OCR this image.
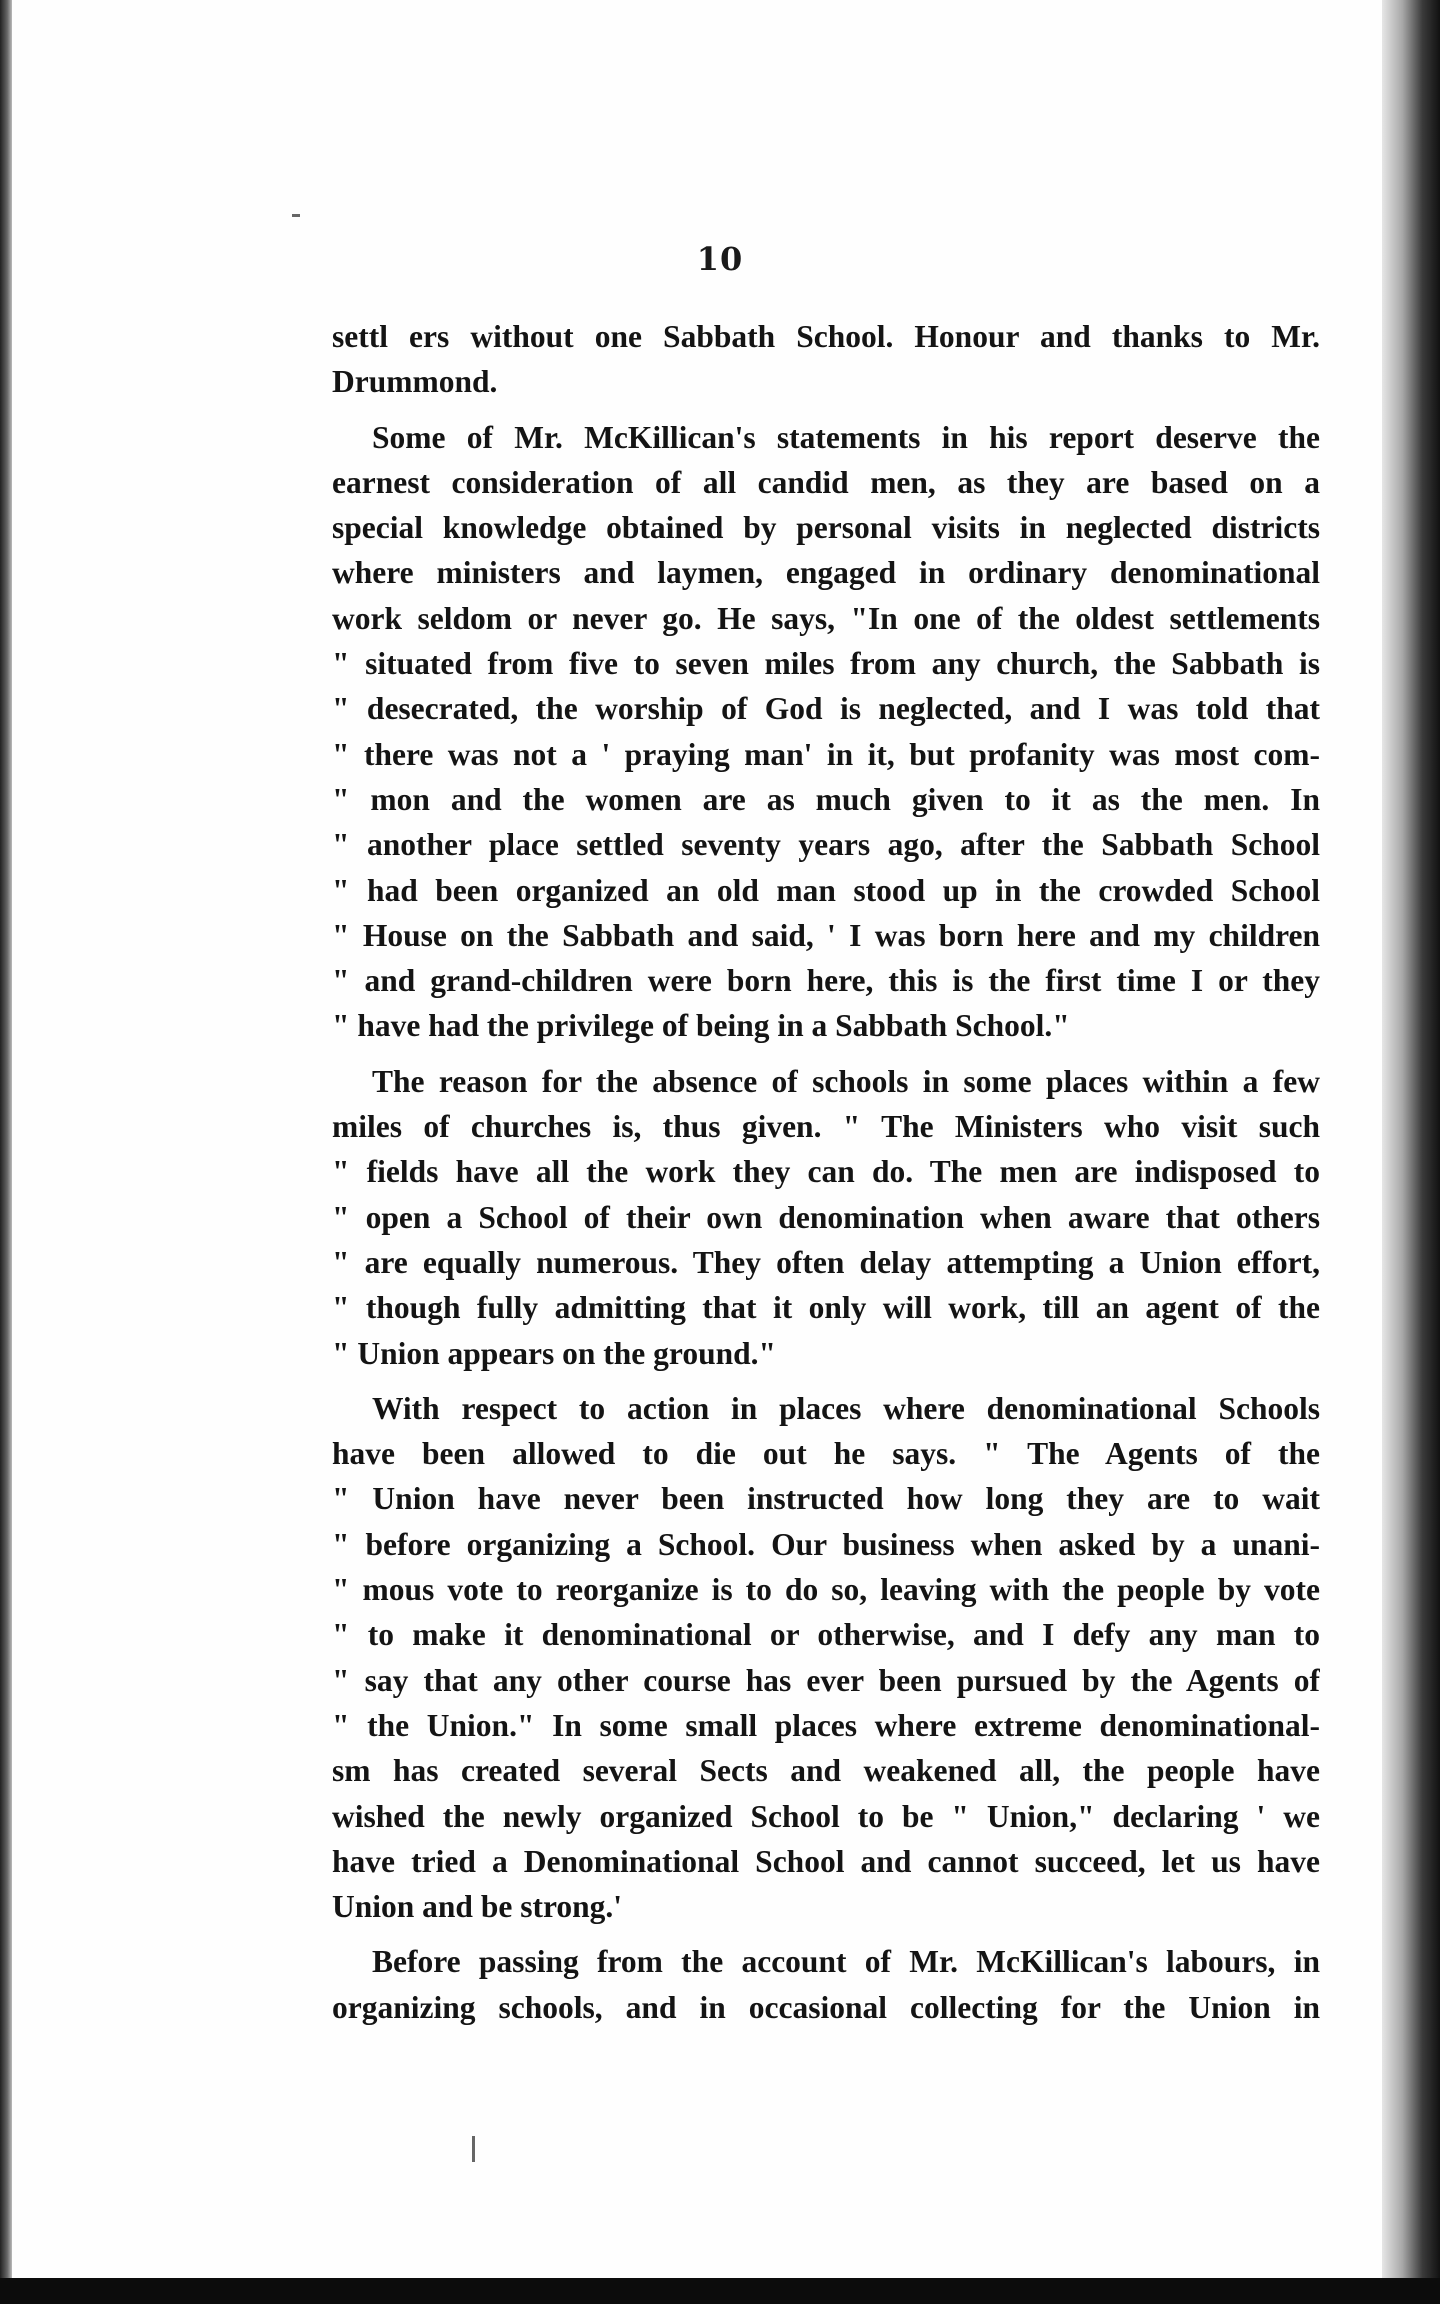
10
settl ers without one Sabbath School. Honour and thanks to Mr.
Drummond.
Some of Mr. McKillican's statements in his report deserve the
earnest consideration of all candid men, as they are based on a
special knowledge obtained by personal visits in neglected districts
where ministers and laymen, engaged in ordinary denominational
work seldom or never go. He says, "In one of the oldest settlements
" situated from five to seven miles from any church, the Sabbath is
" desecrated, the worship of God is neglected, and I was told that
" there was not a ' praying man' in it, but profanity was most com-
" mon and the women are as much given to it as the men. In
" another place settled seventy years ago, after the Sabbath School
" had been organized an old man stood up in the crowded School
" House on the Sabbath and said, ' I was born here and my children
" and grand-children were born here, this is the first time I or they
" have had the privilege of being in a Sabbath School."
The reason for the absence of schools in some places within a few
miles of churches is, thus given. " The Ministers who visit such
" fields have all the work they can do. The men are indisposed to
" open a School of their own denomination when aware that others
" are equally numerous. They often delay attempting a Union effort,
" though fully admitting that it only will work, till an agent of the
" Union appears on the ground."
With respect to action in places where denominational Schools
have been allowed to die out he says. " The Agents of the
" Union have never been instructed how long they are to wait
" before organizing a School. Our business when asked by a unani-
" mous vote to reorganize is to do so, leaving with the people by vote
" to make it denominational or otherwise, and I defy any man to
" say that any other course has ever been pursued by the Agents of
" the Union." In some small places where extreme denominational-
sm has created several Sects and weakened all, the people have
wished the newly organized School to be " Union," declaring ' we
have tried a Denominational School and cannot succeed, let us have
Union and be strong.'
Before passing from the account of Mr. McKillican's labours, in
organizing schools, and in occasional collecting for the Union in
